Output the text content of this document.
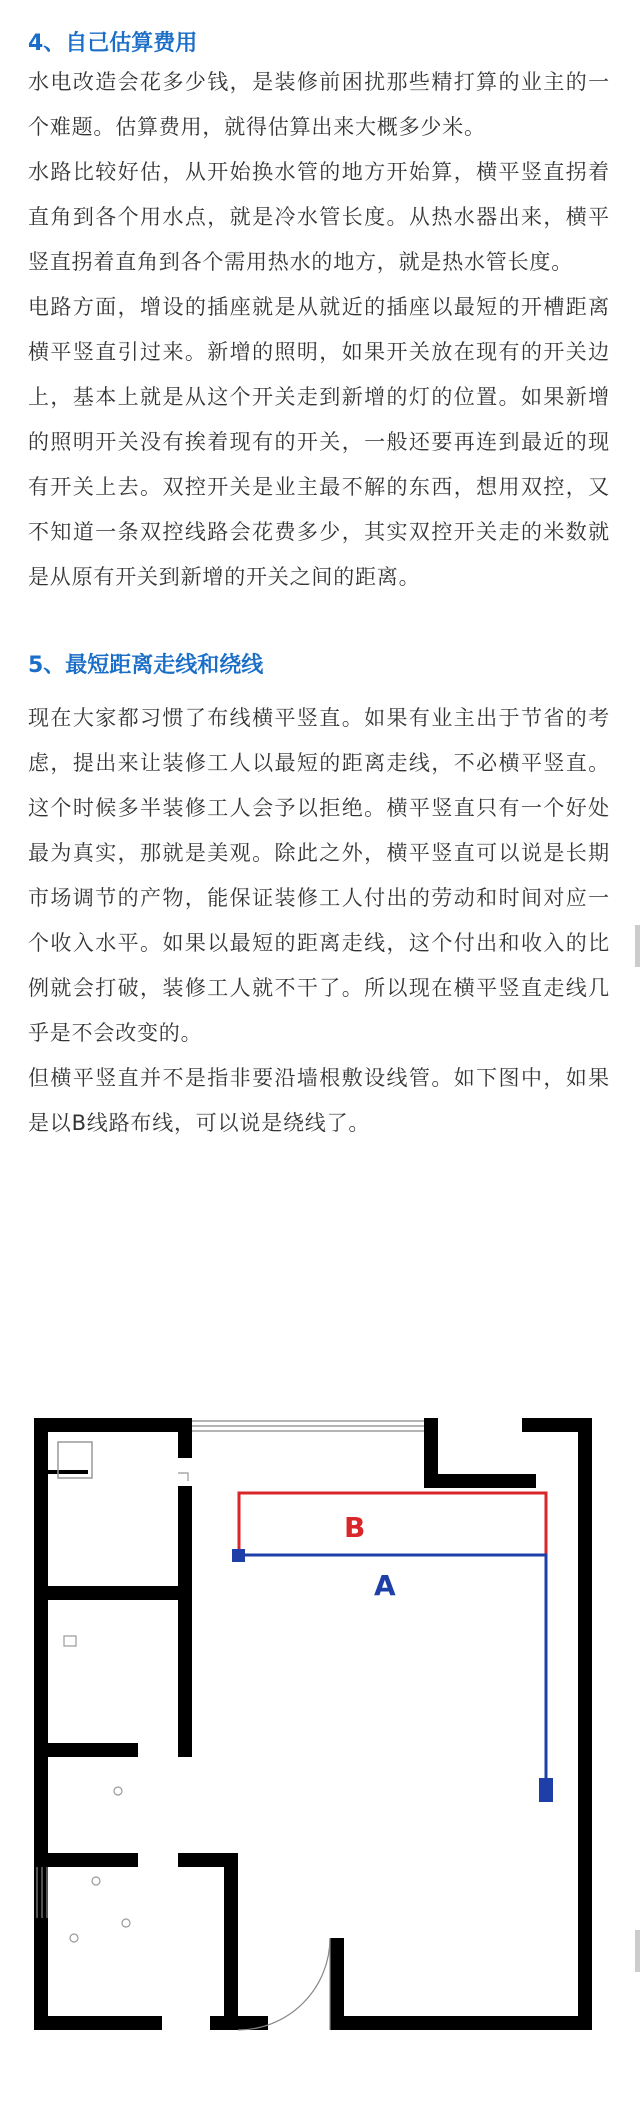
4、自己估算费用

水电改造会花多少钱，是装修前困扰那些精打算的业主的一个难题。估算费用，就得估算出来大概多少米。

水路比较好估，从开始换水管的地方开始算，横平竖直拐着直角到各个用水点，就是冷水管长度。从热水器出来，横平竖直拐着直角到各个需用热水的地方，就是热水管长度。

电路方面，增设的插座就是从就近的插座以最短的开槽距离横平竖直引过来。新增的照明，如果开关放在现有的开关边上，基本上就是从这个开关走到新增的灯的位置。如果新增的照明开关没有挨着现有的开关，一般还要再连到最近的现有开关上去。双控开关是业主最不解的东西，想用双控，又不知道一条双控线路会花费多少，其实双控开关走的米数就是从原有开关到新增的开关之间的距离。

5、最短距离走线和绕线

现在大家都习惯了布线横平竖直。如果有业主出于节省的考虑，提出来让装修工人以最短的距离走线，不必横平竖直。这个时候多半装修工人会予以拒绝。横平竖直只有一个好处最为真实，那就是美观。除此之外，横平竖直可以说是长期市场调节的产物，能保证装修工人付出的劳动和时间对应一个收入水平。如果以最短的距离走线，这个付出和收入的比例就会打破，装修工人就不干了。所以现在横平竖直走线几乎是不会改变的。

但横平竖直并不是指非要沿墙根敷设线管。如下图中，如果是以B线路布线，可以说是绕线了。

B
A
